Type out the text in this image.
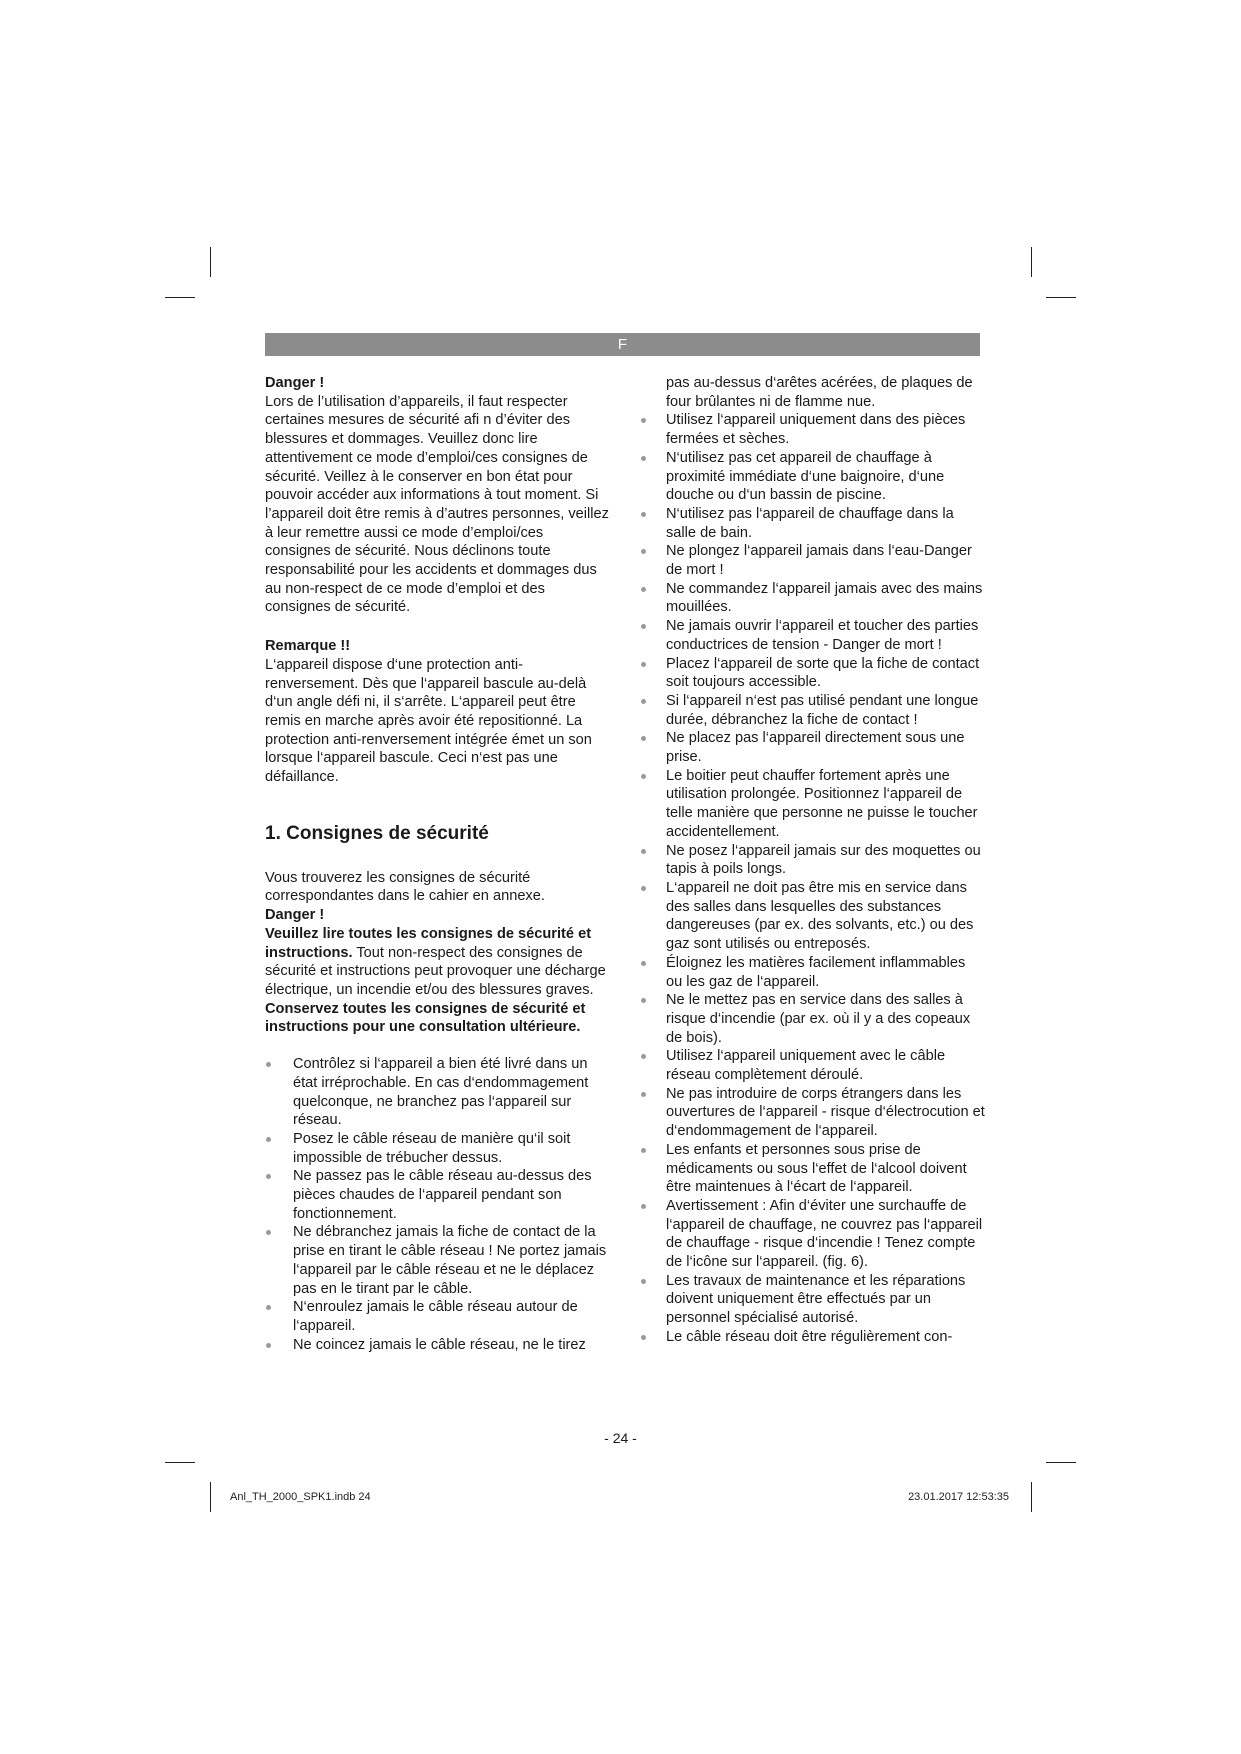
F

Danger !

Lors de l’utilisation d’appareils, il faut respecter certaines mesures de sécurité afi n d’éviter des blessures et dommages. Veuillez donc lire attentivement ce mode d’emploi/ces consignes de sécurité. Veillez à le conserver en bon état pour pouvoir accéder aux informations à tout moment. Si l’appareil doit être remis à d’autres personnes, veillez à leur remettre aussi ce mode d’emploi/ces consignes de sécurité. Nous déclinons toute responsabilité pour les accidents et dommages dus au non-respect de ce mode d’emploi et des consignes de sécurité.

Remarque !!

L‘appareil dispose d‘une protection anti-renversement. Dès que l‘appareil bascule au-delà d‘un angle défi ni, il s‘arrête. L‘appareil peut être remis en marche après avoir été repositionné. La protection anti-renversement intégrée émet un son lorsque l‘appareil bascule. Ceci n‘est pas une défaillance.

1. Consignes de sécurité

Vous trouverez les consignes de sécurité correspondantes dans le cahier en annexe.

Danger !

Veuillez lire toutes les consignes de sécurité et instructions. Tout non-respect des consignes de sécurité et instructions peut provoquer une décharge électrique, un incendie et/ou des blessures graves.

Conservez toutes les consignes de sécurité et instructions pour une consultation ultérieure.

Contrôlez si l‘appareil a bien été livré dans un état irréprochable. En cas d‘endommagement quelconque, ne branchez pas l‘appareil sur réseau.
Posez le câble réseau de manière qu‘il soit impossible de trébucher dessus.
Ne passez pas le câble réseau au-dessus des pièces chaudes de l‘appareil pendant son fonctionnement.
Ne débranchez jamais la fiche de contact de la prise en tirant le câble réseau ! Ne portez jamais l‘appareil par le câble réseau et ne le déplacez pas en le tirant par le câble.
N‘enroulez jamais le câble réseau autour de l‘appareil.
Ne coincez jamais le câble réseau, ne le tirez

pas au-dessus d‘arêtes acérées, de plaques de four brûlantes ni de flamme nue.

Utilisez l‘appareil uniquement dans des pièces fermées et sèches.
N‘utilisez pas cet appareil de chauffage à proximité immédiate d‘une baignoire, d‘une douche ou d‘un bassin de piscine.
N‘utilisez pas l‘appareil de chauffage dans la salle de bain.
Ne plongez l‘appareil jamais dans l‘eau-Danger de mort !
Ne commandez l‘appareil jamais avec des mains mouillées.
Ne jamais ouvrir l‘appareil et toucher des parties conductrices de tension - Danger de mort !
Placez l‘appareil de sorte que la fiche de contact soit toujours accessible.
Si l‘appareil n‘est pas utilisé pendant une longue durée, débranchez la fiche de contact !
Ne placez pas l‘appareil directement sous une prise.
Le boitier peut chauffer fortement après une utilisation prolongée. Positionnez l‘appareil de telle manière que personne ne puisse le toucher accidentellement.
Ne posez l‘appareil jamais sur des moquettes ou tapis à poils longs.
L‘appareil ne doit pas être mis en service dans des salles dans lesquelles des substances dangereuses (par ex. des solvants, etc.) ou des gaz sont utilisés ou entreposés.
Éloignez les matières facilement inflammables ou les gaz de l‘appareil.
Ne le mettez pas en service dans des salles à risque d‘incendie (par ex. où il y a des copeaux de bois).
Utilisez l‘appareil uniquement avec le câble réseau complètement déroulé.
Ne pas introduire de corps étrangers dans les ouvertures de l‘appareil - risque d‘électrocution et d‘endommagement de l‘appareil.
Les enfants et personnes sous prise de médicaments ou sous l‘effet de l‘alcool doivent être maintenues à l‘écart de l‘appareil.
Avertissement : Afin d‘éviter une surchauffe de l‘appareil de chauffage, ne couvrez pas l‘appareil de chauffage - risque d‘incendie ! Tenez compte de l‘icône sur l‘appareil. (fig. 6).
Les travaux de maintenance et les réparations doivent uniquement être effectués par un personnel spécialisé autorisé.
Le câble réseau doit être régulièrement con-
- 24 -
Anl_TH_2000_SPK1.indb 24	23.01.2017 12:53:35
